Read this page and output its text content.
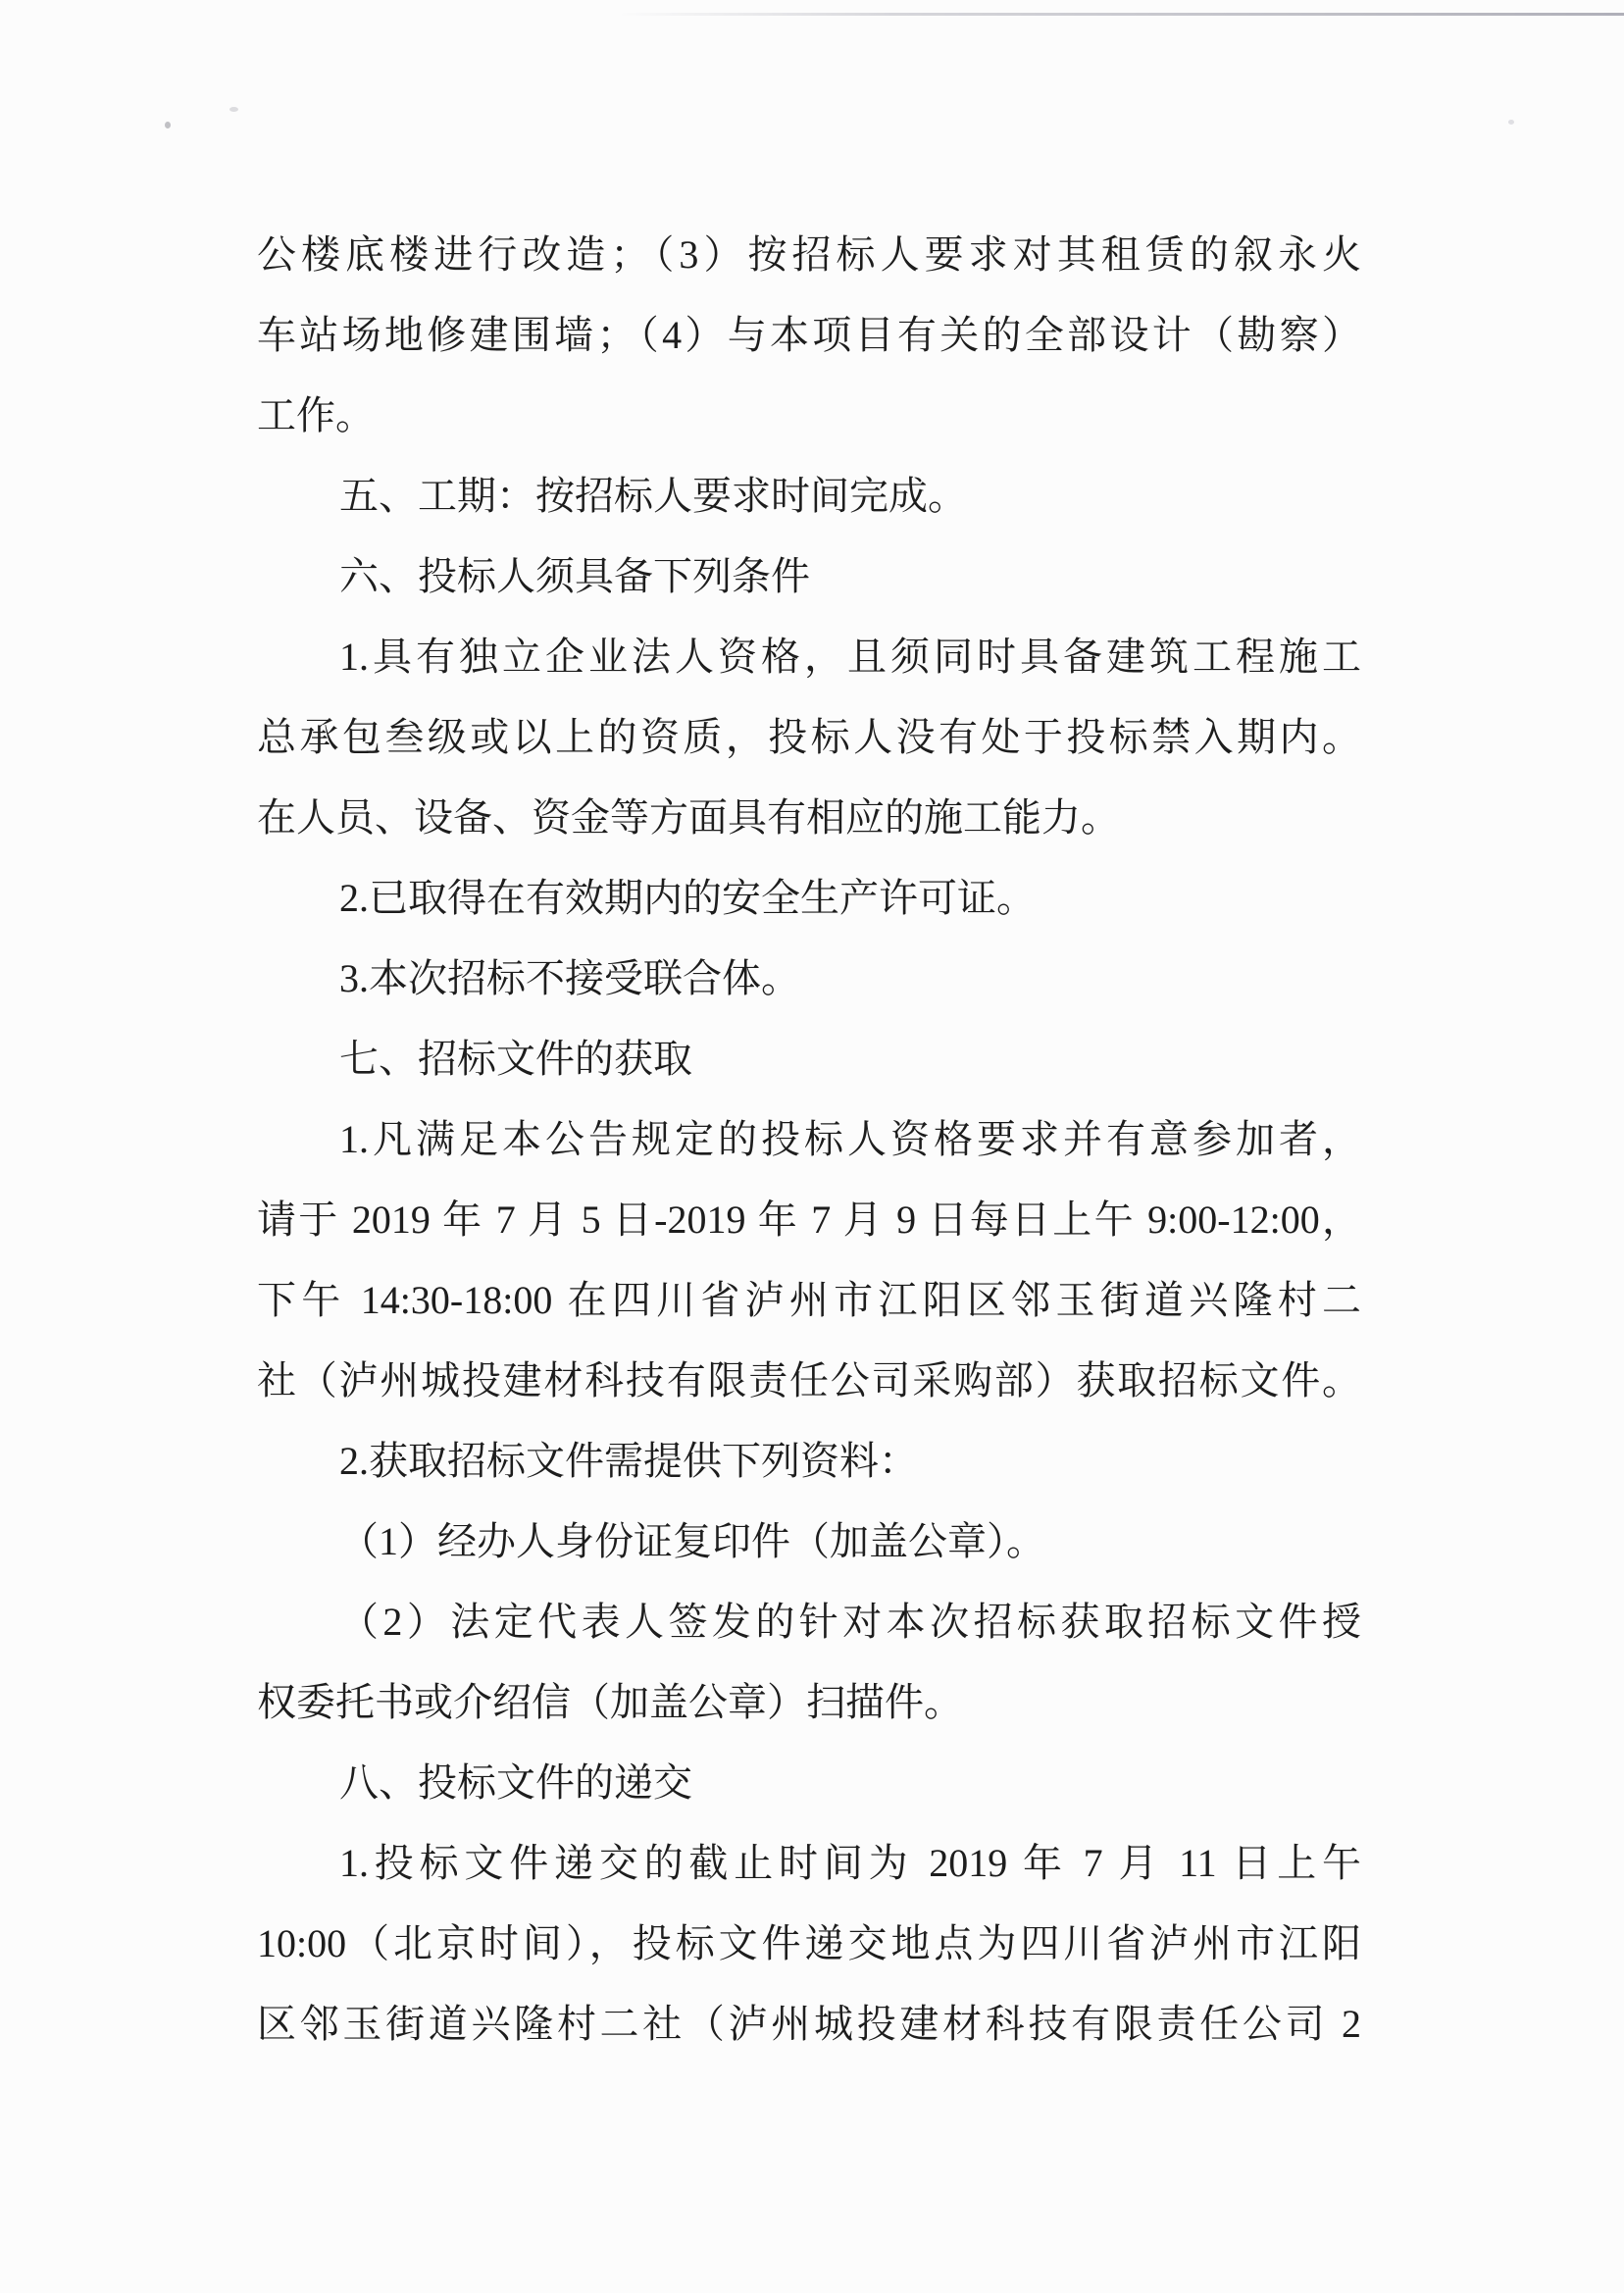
公楼底楼进行改造；（3）按招标人要求对其租赁的叙永火

车站场地修建围墙；（4）与本项目有关的全部设计（勘察）

工作。

五、工期：按招标人要求时间完成。

六、投标人须具备下列条件

1.具有独立企业法人资格，且须同时具备建筑工程施工

总承包叁级或以上的资质，投标人没有处于投标禁入期内。

在人员、设备、资金等方面具有相应的施工能力。

2.已取得在有效期内的安全生产许可证。

3.本次招标不接受联合体。

七、招标文件的获取

1.凡满足本公告规定的投标人资格要求并有意参加者，

请于 2019 年 7 月 5 日-2019 年 7 月 9 日每日上午 9:00-12:00，

下午 14:30-18:00 在四川省泸州市江阳区邻玉街道兴隆村二

社（泸州城投建材科技有限责任公司采购部）获取招标文件。

2.获取招标文件需提供下列资料：

（1）经办人身份证复印件（加盖公章）。

（2）法定代表人签发的针对本次招标获取招标文件授

权委托书或介绍信（加盖公章）扫描件。

八、投标文件的递交

1.投标文件递交的截止时间为 2019 年 7 月 11 日上午

10:00（北京时间），投标文件递交地点为四川省泸州市江阳

区邻玉街道兴隆村二社（泸州城投建材科技有限责任公司 2
